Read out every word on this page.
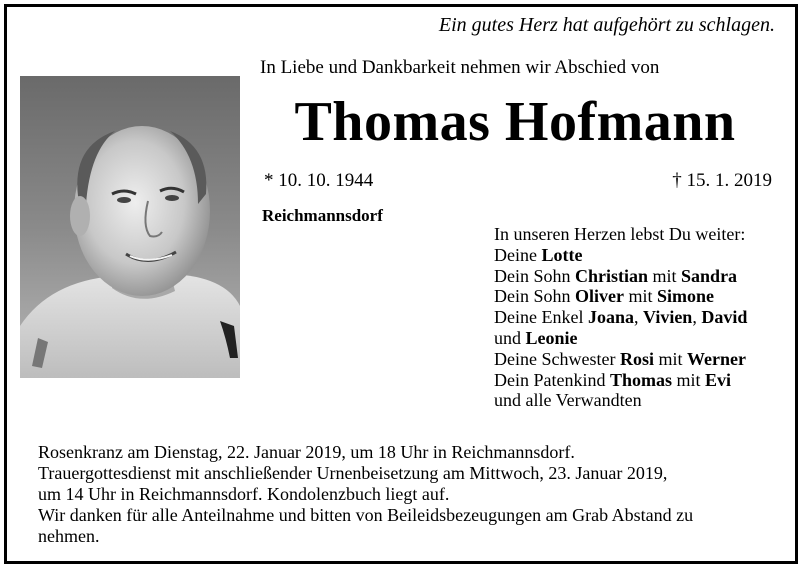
Ein gutes Herz hat aufgehört zu schlagen.
In Liebe und Dankbarkeit nehmen wir Abschied von
Thomas Hofmann
* 10. 10. 1944	† 15. 1. 2019
Reichmannsdorf
In unseren Herzen lebst Du weiter:
Deine Lotte
Dein Sohn Christian mit Sandra
Dein Sohn Oliver mit Simone
Deine Enkel Joana, Vivien, David
und Leonie
Deine Schwester Rosi mit Werner
Dein Patenkind Thomas mit Evi
und alle Verwandten
Rosenkranz am Dienstag, 22. Januar 2019, um 18 Uhr in Reichmannsdorf.
Trauergottesdienst mit anschließender Urnenbeisetzung am Mittwoch, 23. Januar 2019,
um 14 Uhr in Reichmannsdorf. Kondolenzbuch liegt auf.
Wir danken für alle Anteilnahme und bitten von Beileidsbezeugungen am Grab Abstand zu
nehmen.
